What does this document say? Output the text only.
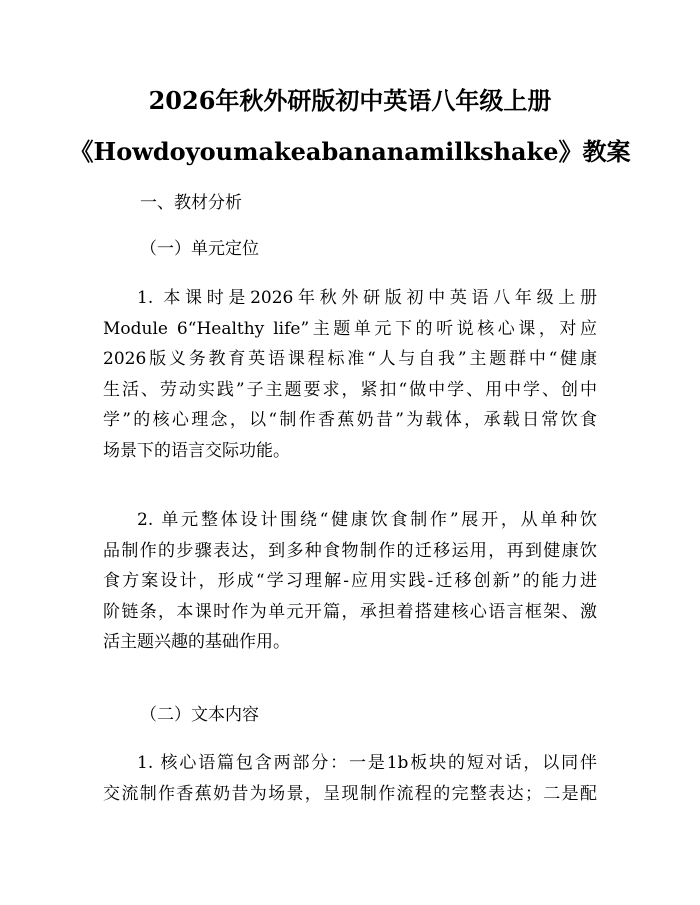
2026年秋外研版初中英语八年级上册
《Howdoyoumakeabananamilkshake》教案
一、教材分析
（一）单元定位
1. 本课时是2026年秋外研版初中英语八年级上册
Module 6“Healthy life”主题单元下的听说核心课，对应
2026版义务教育英语课程标准“人与自我”主题群中“健康
生活、劳动实践”子主题要求，紧扣“做中学、用中学、创中
学”的核心理念，以“制作香蕉奶昔”为载体，承载日常饮食
场景下的语言交际功能。
2. 单元整体设计围绕“健康饮食制作”展开，从单种饮
品制作的步骤表达，到多种食物制作的迁移运用，再到健康饮
食方案设计，形成“学习理解-应用实践-迁移创新”的能力进
阶链条，本课时作为单元开篇，承担着搭建核心语言框架、激
活主题兴趣的基础作用。
（二）文本内容
1. 核心语篇包含两部分：一是1b板块的短对话，以同伴
交流制作香蕉奶昔为场景，呈现制作流程的完整表达；二是配
